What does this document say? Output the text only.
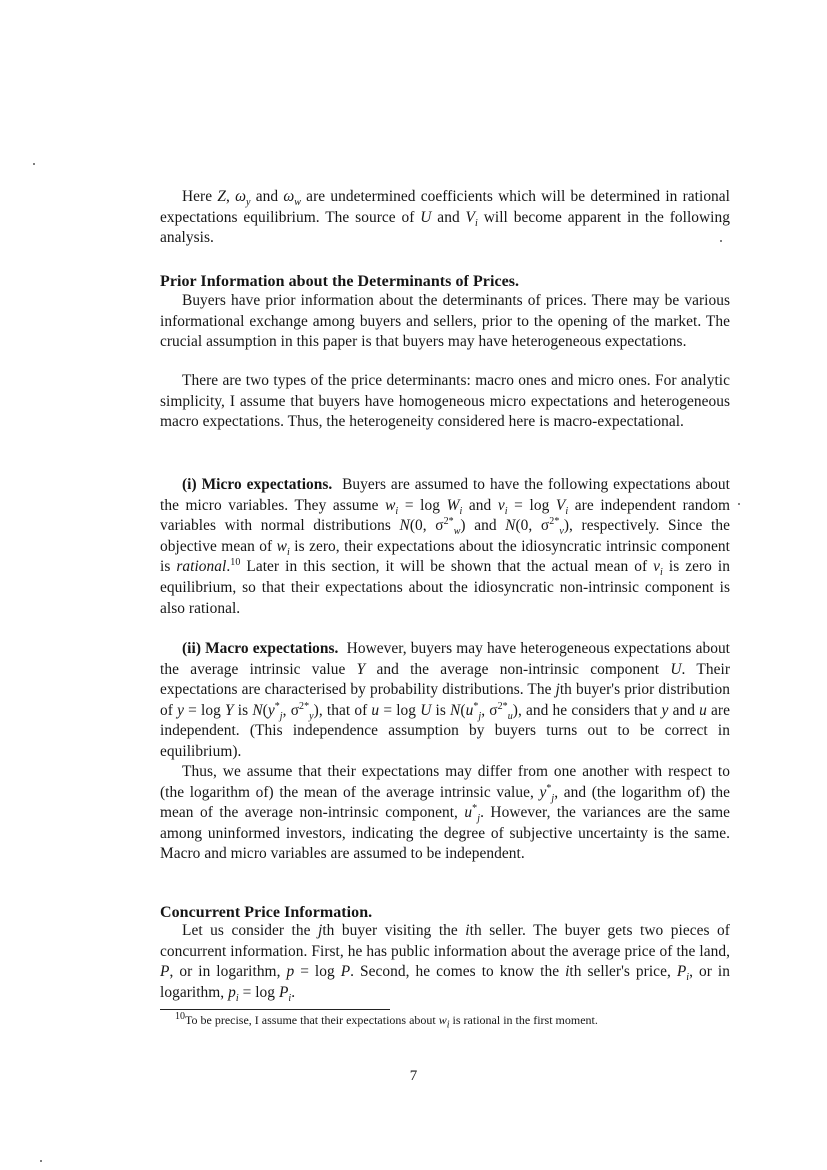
Here Z, $\omega_y$ and $\omega_w$ are undetermined coefficients which will be determined in rational expectations equilibrium. The source of U and $V_i$ will become apparent in the following analysis.

Prior Information about the Determinants of Prices.

Buyers have prior information about the determinants of prices. There may be various informational exchange among buyers and sellers, prior to the opening of the market. The crucial assumption in this paper is that buyers may have heterogeneous expectations.

There are two types of the price determinants: macro ones and micro ones. For analytic simplicity, I assume that buyers have homogeneous micro expectations and heterogeneous macro expectations. Thus, the heterogeneity considered here is macro-expectational.

(i) Micro expectations. Buyers are assumed to have the following expectations about the micro variables. They assume $w_i = \log W_i$ and $v_i = \log V_i$ are independent random variables with normal distributions N(0, $\sigma^{2*}_w$) and N(0, $\sigma^{2*}_v$), respectively. Since the objective mean of $w_i$ is zero, their expectations about the idiosyncratic intrinsic component is rational.$^{10}$ Later in this section, it will be shown that the actual mean of $v_i$ is zero in equilibrium, so that their expectations about the idiosyncratic non-intrinsic component is also rational.

(ii) Macro expectations. However, buyers may have heterogeneous expectations about the average intrinsic value Y and the average non-intrinsic component U. Their expectations are characterised by probability distributions. The jth buyer's prior distribution of y = log Y is $N(y^*_j$, $\sigma^{2*}_y$), that of u = log U is $N(u^*_j$, $\sigma^{2*}_u$), and he considers that y and u are independent. (This independence assumption by buyers turns out to be correct in equilibrium).

Thus, we assume that their expectations may differ from one another with respect to (the logarithm of) the mean of the average intrinsic value, $y^*_j$, and (the logarithm of) the mean of the average non-intrinsic component, $u^*_j$. However, the variances are the same among uninformed investors, indicating the degree of subjective uncertainty is the same. Macro and micro variables are assumed to be independent.

Concurrent Price Information.

Let us consider the jth buyer visiting the ith seller. The buyer gets two pieces of concurrent information. First, he has public information about the average price of the land, P, or in logarithm, p = log P. Second, he comes to know the ith seller's price, $P_i$, or in logarithm, $p_i = \log P_i$.

$^{10}$To be precise, I assume that their expectations about $w_i$ is rational in the first moment.

7
